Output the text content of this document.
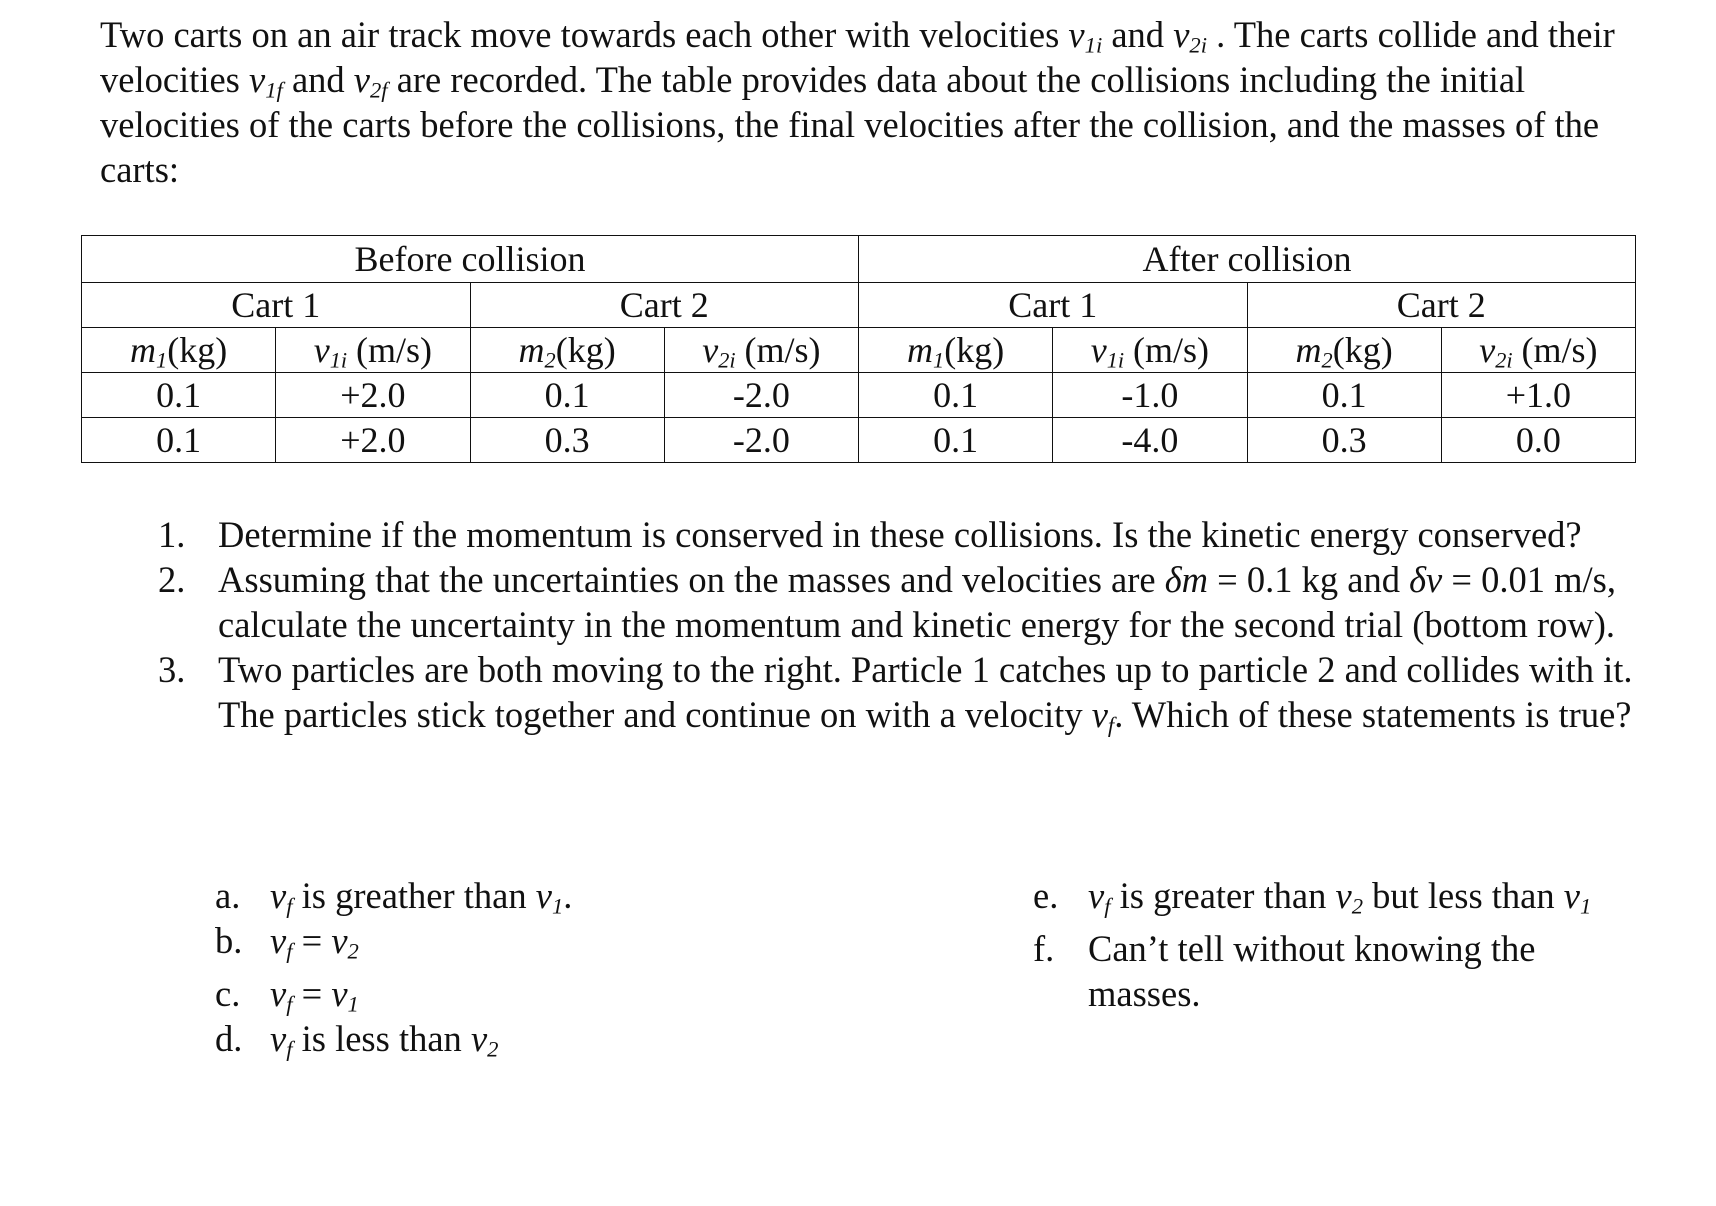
Two carts on an air track move towards each other with velocities $v_{1i}$ and $v_{2i}$ . The carts collide and their velocities $v_{1f}$ and $v_{2f}$ are recorded. The table provides data about the collisions including the initial velocities of the carts before the collisions, the final velocities after the collision, and the masses of the carts:

Before collision				After collision			
Cart 1		Cart 2		Cart 1		Cart 2	
$m_1(kg)$	$v_{1i}$ (m/s)	$m_2(kg)$	$v_{2i}$ (m/s)	$m_1(kg)$	$v_{1i}$ (m/s)	$m_2(kg)$	$v_{2i}$ (m/s)
0.1	+2.0	0.1	-2.0	0.1	-1.0	0.1	+1.0
0.1	+2.0	0.3	-2.0	0.1	-4.0	0.3	0.0
1. Determine if the momentum is conserved in these collisions. Is the kinetic energy conserved?
2. Assuming that the uncertainties on the masses and velocities are δm = 0.1 kg and δv = 0.01 m/s, calculate the uncertainty in the momentum and kinetic energy for the second trial (bottom row).
3. Two particles are both moving to the right. Particle 1 catches up to particle 2 and collides with it. The particles stick together and continue on with a velocity $v_f$. Which of these statements is true?
a. $v_f$ is greather than $v_1$.
b. $v_f = v_2$
c. $v_f = v_1$
d. $v_f$ is less than $v_2$
e. $v_f$ is greater than $v_2$ but less than $v_1$
f. Can’t tell without knowing the masses.
